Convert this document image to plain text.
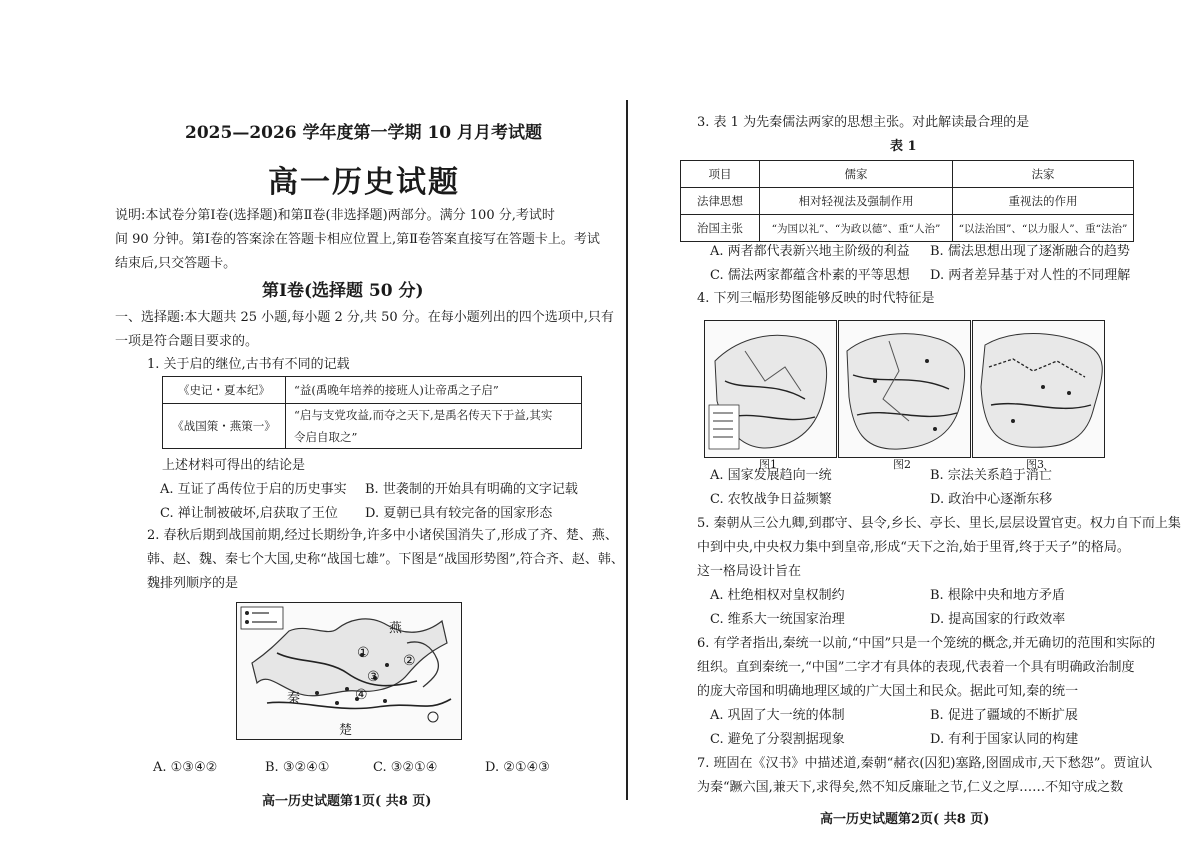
2025—2026 学年度第一学期 10 月月考试题
高一历史试题
说明:本试卷分第Ⅰ卷(选择题)和第Ⅱ卷(非选择题)两部分。满分 100 分,考试时
间 90 分钟。第Ⅰ卷的答案涂在答题卡相应位置上,第Ⅱ卷答案直接写在答题卡上。考试
结束后,只交答题卡。
第Ⅰ卷(选择题 50 分)
一、选择题:本大题共 25 小题,每小题 2 分,共 50 分。在每小题列出的四个选项中,只有
一项是符合题目要求的。
1. 关于启的继位,古书有不同的记载
《史记・夏本纪》	“益(禹晚年培养的接班人)让帝禹之子启”
《战国策・燕策一》	“启与支党攻益,而夺之天下,是禹名传天下于益,其实
令启自取之”
上述材料可得出的结论是
A. 互证了禹传位于启的历史事实 B. 世袭制的开始具有明确的文字记载
C. 禅让制被破坏,启获取了王位 D. 夏朝已具有较完备的国家形态
2. 春秋后期到战国前期,经过长期纷争,许多中小诸侯国消失了,形成了齐、楚、燕、
韩、赵、魏、秦七个大国,史称“战国七雄”。下图是“战国形势图”,符合齐、赵、韩、
魏排列顺序的是
燕
秦
楚
① ②
③
④
A. ①③④②	B. ③②④①	C. ③②①④	D. ②①④③
高一历史试题第1页( 共8 页)
3. 表 1 为先秦儒法两家的思想主张。对此解读最合理的是
表 1
项目	儒家	法家
法律思想	相对轻视法及强制作用	重视法的作用
治国主张	“为国以礼”、“为政以德”、重“人治”	“以法治国”、“以力服人”、重“法治”
A. 两者都代表新兴地主阶级的利益 B. 儒法思想出现了逐渐融合的趋势
C. 儒法两家都蕴含朴素的平等思想 D. 两者差异基于对人性的不同理解
4. 下列三幅形势图能够反映的时代特征是
图1	图2	图3
A. 国家发展趋向一统	B. 宗法关系趋于消亡
C. 农牧战争日益频繁	D. 政治中心逐渐东移
5. 秦朝从三公九卿,到郡守、县令,乡长、亭长、里长,层层设置官吏。权力自下而上集
中到中央,中央权力集中到皇帝,形成“天下之治,始于里胥,终于天子”的格局。
这一格局设计旨在
A. 杜绝相权对皇权制约	B. 根除中央和地方矛盾
C. 维系大一统国家治理	D. 提高国家的行政效率
6. 有学者指出,秦统一以前,“中国”只是一个笼统的概念,并无确切的范围和实际的
组织。直到秦统一,“中国”二字才有具体的表现,代表着一个具有明确政治制度
的庞大帝国和明确地理区域的广大国土和民众。据此可知,秦的统一
A. 巩固了大一统的体制	B. 促进了疆域的不断扩展
C. 避免了分裂割据现象	D. 有利于国家认同的构建
7. 班固在《汉书》中描述道,秦朝“赭衣(囚犯)塞路,囹圄成市,天下愁怨”。贾谊认
为秦“蹶六国,兼天下,求得矣,然不知反廉耻之节,仁义之厚……不知守成之数
高一历史试题第2页( 共8 页)
